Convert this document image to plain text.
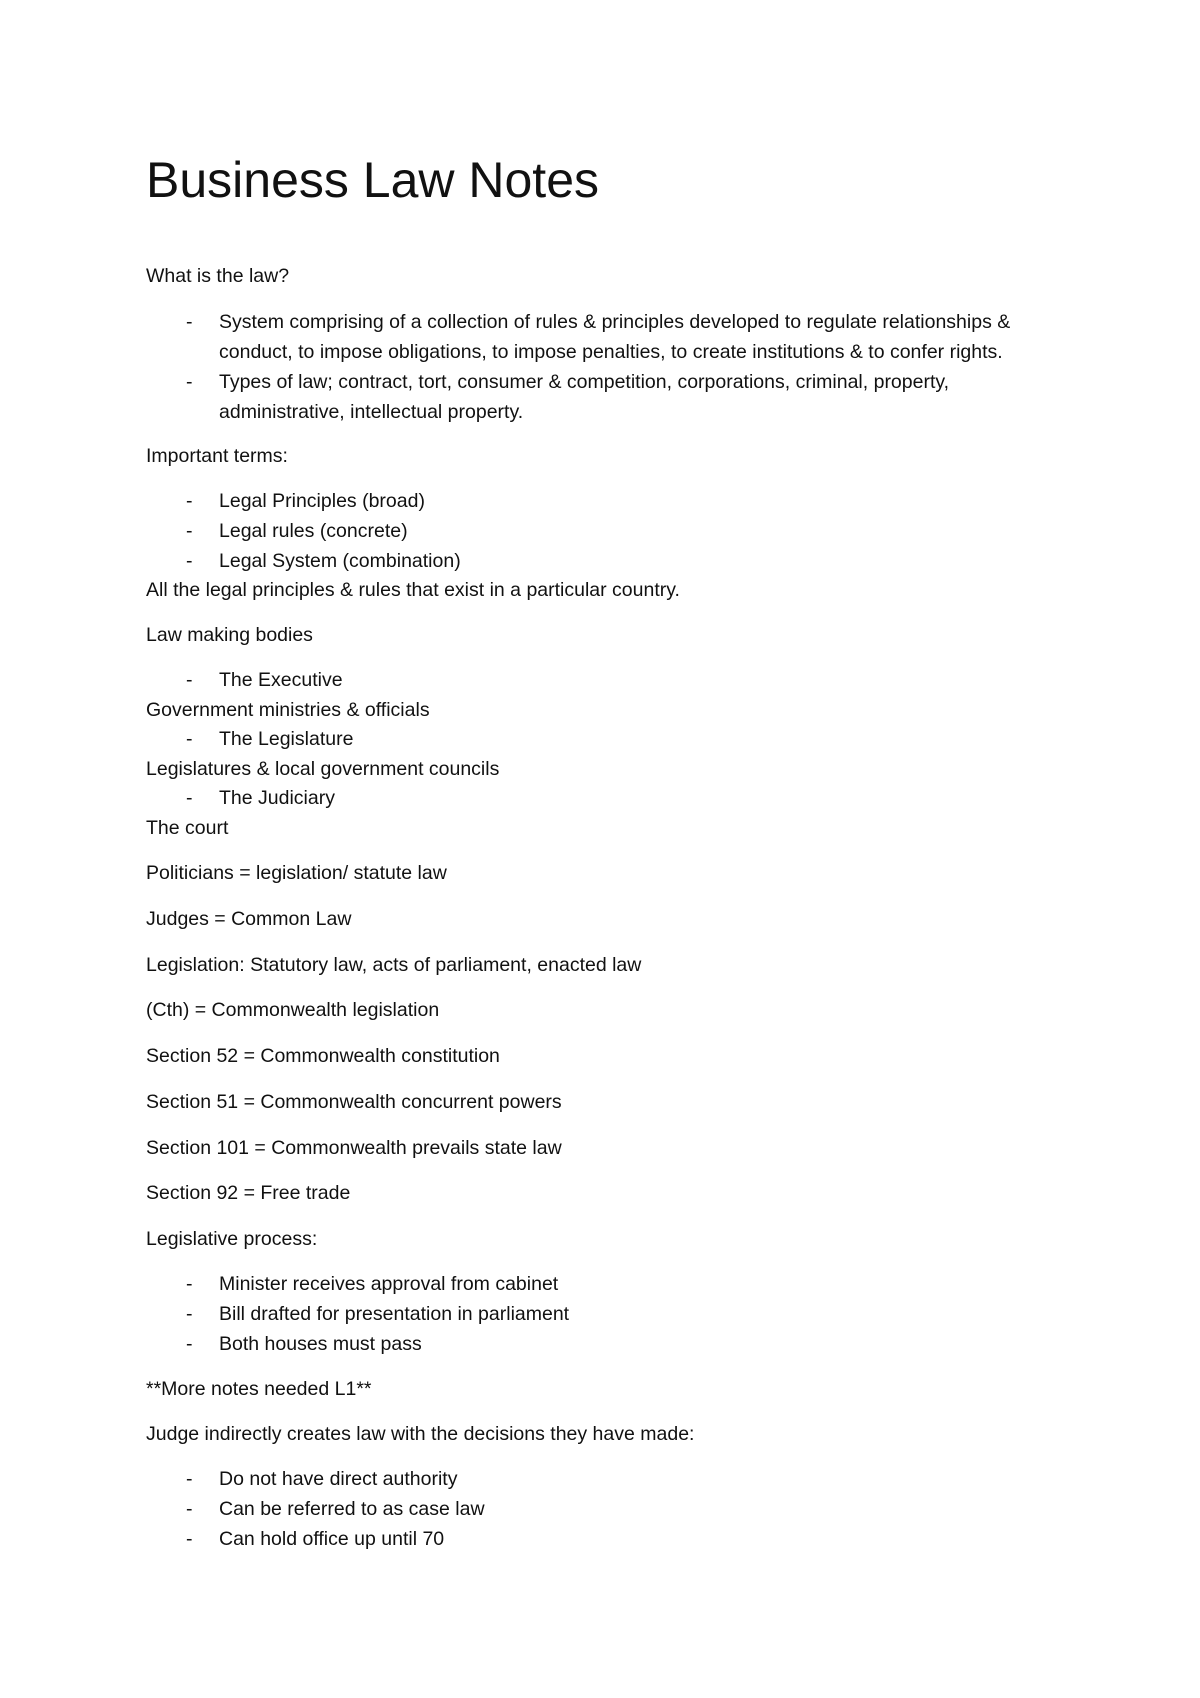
Business Law Notes
What is the law?
- System comprising of a collection of rules & principles developed to regulate relationships &
conduct, to impose obligations, to impose penalties, to create institutions & to confer rights.
- Types of law; contract, tort, consumer & competition, corporations, criminal, property,
administrative, intellectual property.
Important terms:
- Legal Principles (broad)
- Legal rules (concrete)
- Legal System (combination)
All the legal principles & rules that exist in a particular country.
Law making bodies
- The Executive
Government ministries & officials
- The Legislature
Legislatures & local government councils
- The Judiciary
The court
Politicians = legislation/ statute law
Judges = Common Law
Legislation: Statutory law, acts of parliament, enacted law
(Cth) = Commonwealth legislation
Section 52 = Commonwealth constitution
Section 51 = Commonwealth concurrent powers
Section 101 = Commonwealth prevails state law
Section 92 = Free trade
Legislative process:
- Minister receives approval from cabinet
- Bill drafted for presentation in parliament
- Both houses must pass
**More notes needed L1**
Judge indirectly creates law with the decisions they have made:
- Do not have direct authority
- Can be referred to as case law
- Can hold office up until 70
